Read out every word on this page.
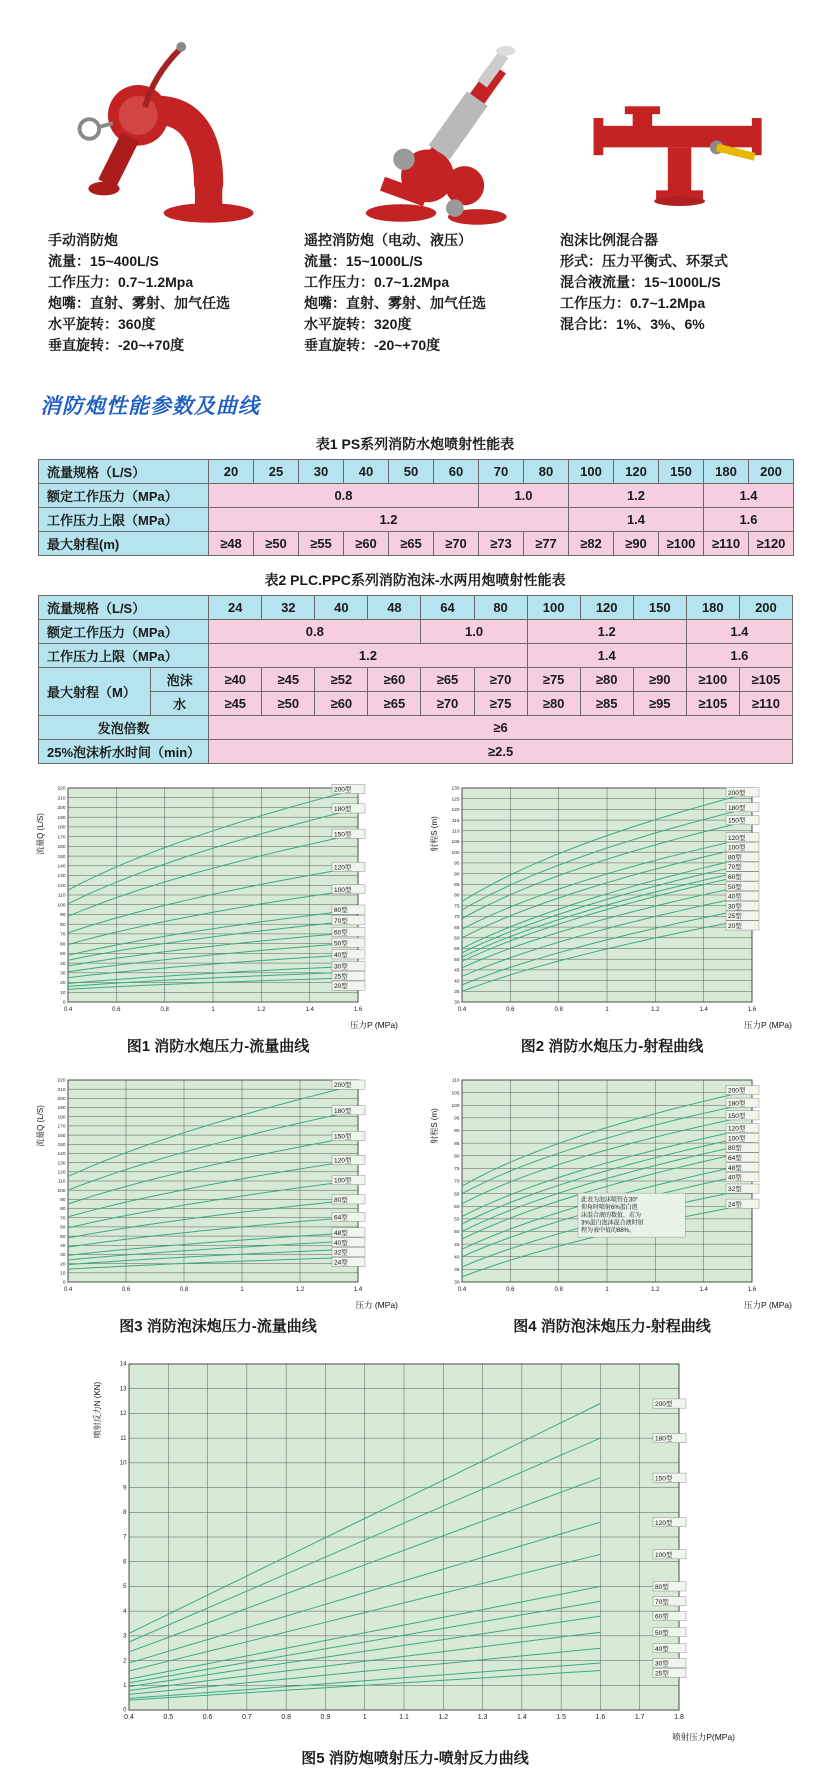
手动消防炮
流量：15~400L/S
工作压力：0.7~1.2Mpa
炮嘴：直射、雾射、加气任选
水平旋转：360度
垂直旋转：-20~+70度
遥控消防炮（电动、液压）
流量：15~1000L/S
工作压力：0.7~1.2Mpa
炮嘴：直射、雾射、加气任选
水平旋转：320度
垂直旋转：-20~+70度
泡沫比例混合器
形式：压力平衡式、环泵式
混合液流量：15~1000L/S
工作压力：0.7~1.2Mpa
混合比：1%、3%、6%
消防炮性能参数及曲线
表1 PS系列消防水炮喷射性能表
流量规格（L/S）	20	25	30	40	50	60	70	80	100	120	150	180	200
额定工作压力（MPa）	0.8						1.0		1.2			1.4	
工作压力上限（MPa）	1.2								1.4			1.6	
最大射程(m)	≥48	≥50	≥55	≥60	≥65	≥70	≥73	≥77	≥82	≥90	≥100	≥110	≥120
表2 PLC.PPC系列消防泡沫-水两用炮喷射性能表
流量规格（L/S）		24	32	40	48	64	80	100	120	150	180	200
额定工作压力（MPa）		0.8				1.0		1.2			1.4	
工作压力上限（MPa）		1.2						1.4			1.6	
最大射程（M）	泡沫	≥40	≥45	≥52	≥60	≥65	≥70	≥75	≥80	≥90	≥100	≥105
	水	≥45	≥50	≥60	≥65	≥70	≥75	≥80	≥85	≥95	≥105	≥110
发泡倍数		≥6										
25%泡沫析水时间（min）		≥2.5										
0
10
20
30
40
50
60
70
80
90
100
110
120
130
140
150
160
170
180
190
200
210
220
0.4	0.6	0.8	1	1.2	1.4	1.6
200型
180型
150型
120型
100型
80型
70型
60型
50型
40型
30型
25型
20型
流量Q (L/S)
压力P (MPa)
图1 消防水炮压力-流量曲线
30
35
40
45
50
55
60
65
70
75
80
85
90
95
100
105
110
115
120
125
130
0.4	0.6	0.8	1	1.2	1.4	1.6
200型
180型
150型
120型
100型
80型
70型
60型
50型
40型
30型
25型
20型
射程S (m)
压力P (MPa)
图2 消防水炮压力-射程曲线
0
10
20
30
40
50
60
70
80
90
100
110
120
130
140
150
160
170
180
190
200
210
220
0.4	0.6	0.8	1	1.2	1.4
200型
180型
150型
120型
100型
80型
64型
48型
40型
32型
24型
流量Q (L/S)
压力 (MPa)
图3 消防泡沫炮压力-流量曲线
30
35
40
45
50
55
60
65
70
75
80
85
90
95
100
105
110
0.4	0.6	0.8	1	1.2	1.4	1.6
200型
180型
150型
120型
100型
80型
64型
48型
40型
32型
24型
射程S (m)
压力P (MPa)
此表为泡沫喷管在30°
仰角时喷射6%蛋白泡
沫混合液的数值，若为
3%蛋白泡沫混合液时射
程为表中值的88%。
图4 消防泡沫炮压力-射程曲线
0
1
2
3
4
5
6
7
8
9
10
11
12
13
14
0.4	0.5	0.6	0.7	0.8	0.9	1	1.1	1.2	1.3	1.4	1.5	1.6	1.7	1.8
200型
180型
150型
120型
100型
80型
70型
60型
50型
40型
30型
25型
喷射反力N (KN)
喷射压力P(MPa)
图5 消防炮喷射压力-喷射反力曲线
